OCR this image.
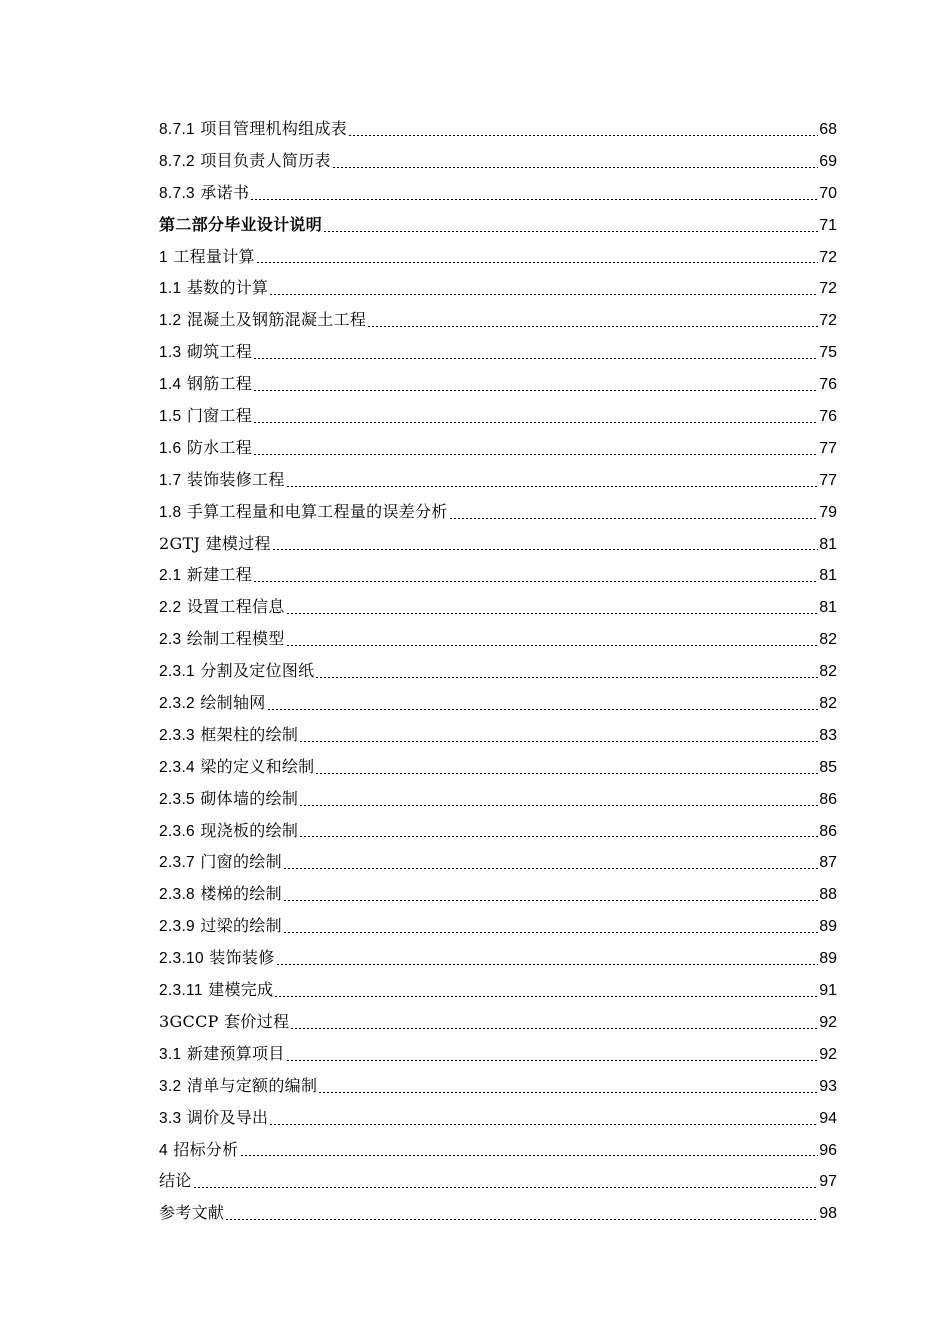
8.7.1 项目管理机构组成表	68
8.7.2 项目负责人简历表	69
8.7.3 承诺书	70
第二部分毕业设计说明	71
1 工程量计算	72
1.1 基数的计算	72
1.2 混凝土及钢筋混凝土工程	72
1.3 砌筑工程	75
1.4 钢筋工程	76
1.5 门窗工程	76
1.6 防水工程	77
1.7 装饰装修工程	77
1.8 手算工程量和电算工程量的误差分析	79
2GTJ 建模过程	81
2.1 新建工程	81
2.2 设置工程信息	81
2.3 绘制工程模型	82
2.3.1 分割及定位图纸	82
2.3.2 绘制轴网	82
2.3.3 框架柱的绘制	83
2.3.4 梁的定义和绘制	85
2.3.5 砌体墙的绘制	86
2.3.6 现浇板的绘制	86
2.3.7 门窗的绘制	87
2.3.8 楼梯的绘制	88
2.3.9 过梁的绘制	89
2.3.10 装饰装修	89
2.3.11 建模完成	91
3GCCP 套价过程	92
3.1 新建预算项目	92
3.2 清单与定额的编制	93
3.3 调价及导出	94
4 招标分析	96
结论	97
参考文献	98
